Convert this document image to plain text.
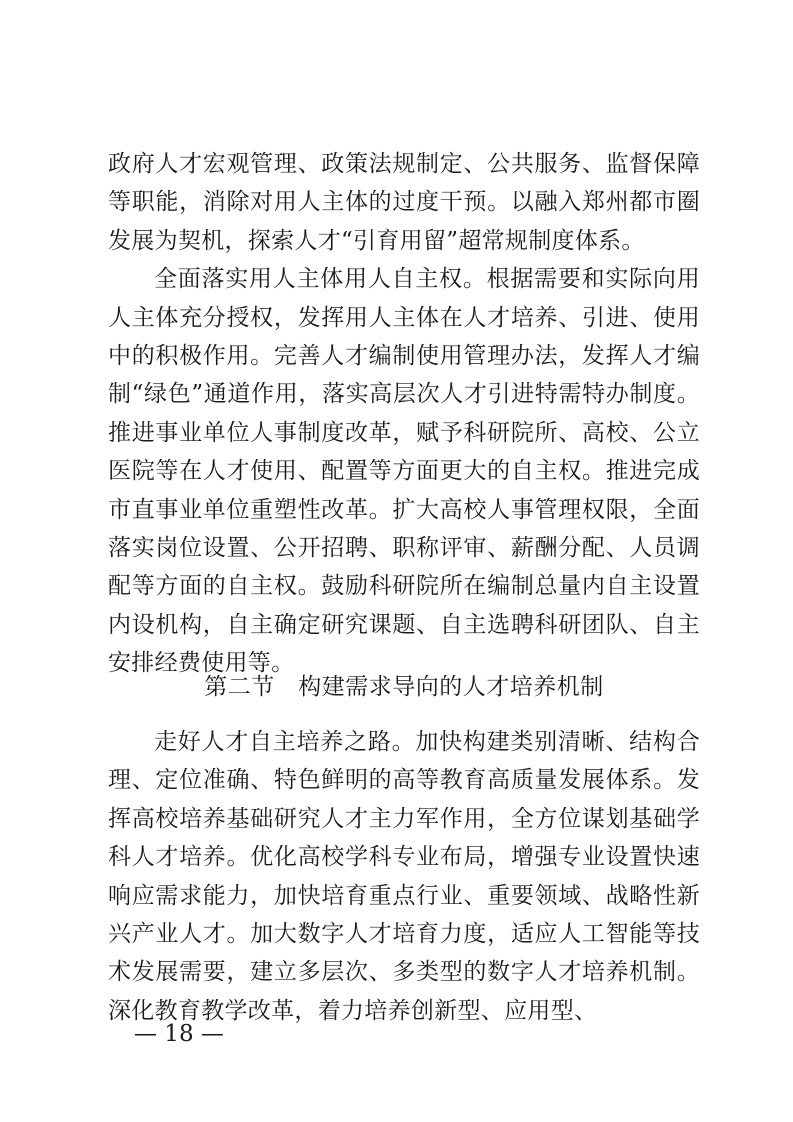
政府人才宏观管理、政策法规制定、公共服务、监督保障等职能，消除对用人主体的过度干预。以融入郑州都市圈发展为契机，探索人才“引育用留”超常规制度体系。

全面落实用人主体用人自主权。根据需要和实际向用人主体充分授权，发挥用人主体在人才培养、引进、使用中的积极作用。完善人才编制使用管理办法，发挥人才编制“绿色”通道作用，落实高层次人才引进特需特办制度。推进事业单位人事制度改革，赋予科研院所、高校、公立医院等在人才使用、配置等方面更大的自主权。推进完成市直事业单位重塑性改革。扩大高校人事管理权限，全面落实岗位设置、公开招聘、职称评审、薪酬分配、人员调配等方面的自主权。鼓励科研院所在编制总量内自主设置内设机构，自主确定研究课题、自主选聘科研团队、自主安排经费使用等。

第二节　构建需求导向的人才培养机制

走好人才自主培养之路。加快构建类别清晰、结构合理、定位准确、特色鲜明的高等教育高质量发展体系。发挥高校培养基础研究人才主力军作用，全方位谋划基础学科人才培养。优化高校学科专业布局，增强专业设置快速响应需求能力，加快培育重点行业、重要领域、战略性新兴产业人才。加大数字人才培育力度，适应人工智能等技术发展需要，建立多层次、多类型的数字人才培养机制。深化教育教学改革，着力培养创新型、应用型、

— 18 —
